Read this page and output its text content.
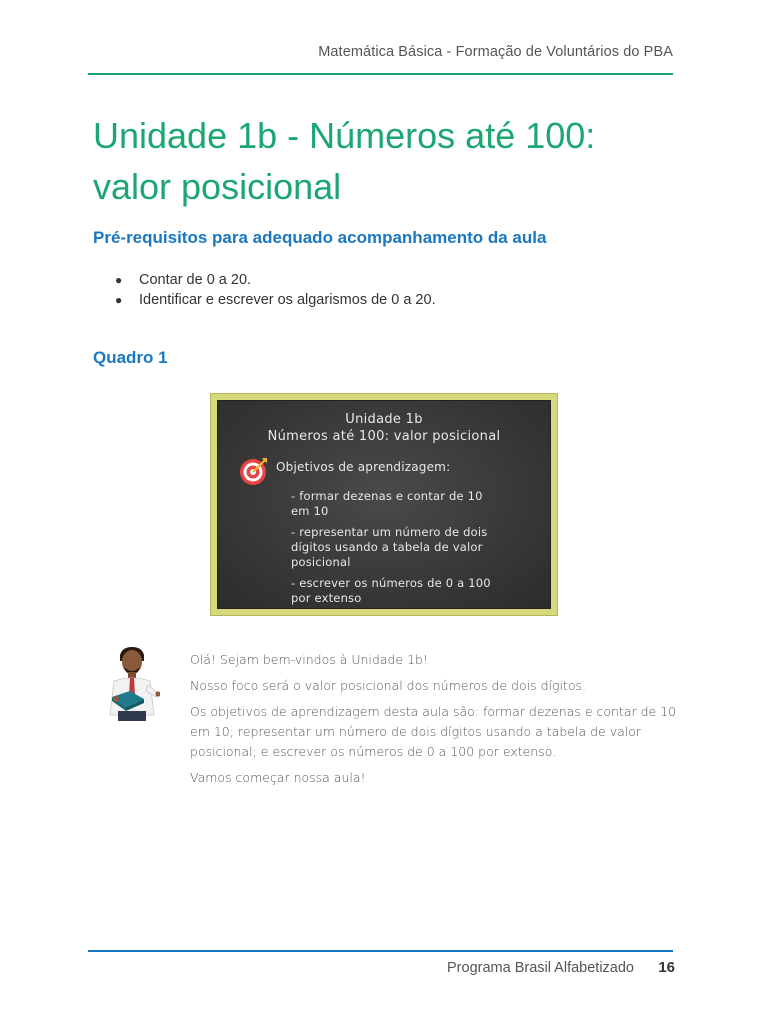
Matemática Básica - Formação de Voluntários do PBA
Unidade 1b - Números até 100:
valor posicional
Pré-requisitos para adequado acompanhamento da aula
● Contar de 0 a 20.
● Identificar e escrever os algarismos de 0 a 20.
Quadro 1
Unidade 1b
Números até 100: valor posicional
Objetivos de aprendizagem:
- formar dezenas e contar de 10
em 10
- representar um número de dois
dígitos usando a tabela de valor
posicional
- escrever os números de 0 a 100
por extenso

Olá! Sejam bem-vindos à Unidade 1b!

Nosso foco será o valor posicional dos números de dois dígitos.

Os objetivos de aprendizagem desta aula são: formar dezenas e contar de 10 em 10; representar um número de dois dígitos usando a tabela de valor posicional; e escrever os números de 0 a 100 por extenso.

Vamos começar nossa aula!

Programa Brasil Alfabetizado 16
